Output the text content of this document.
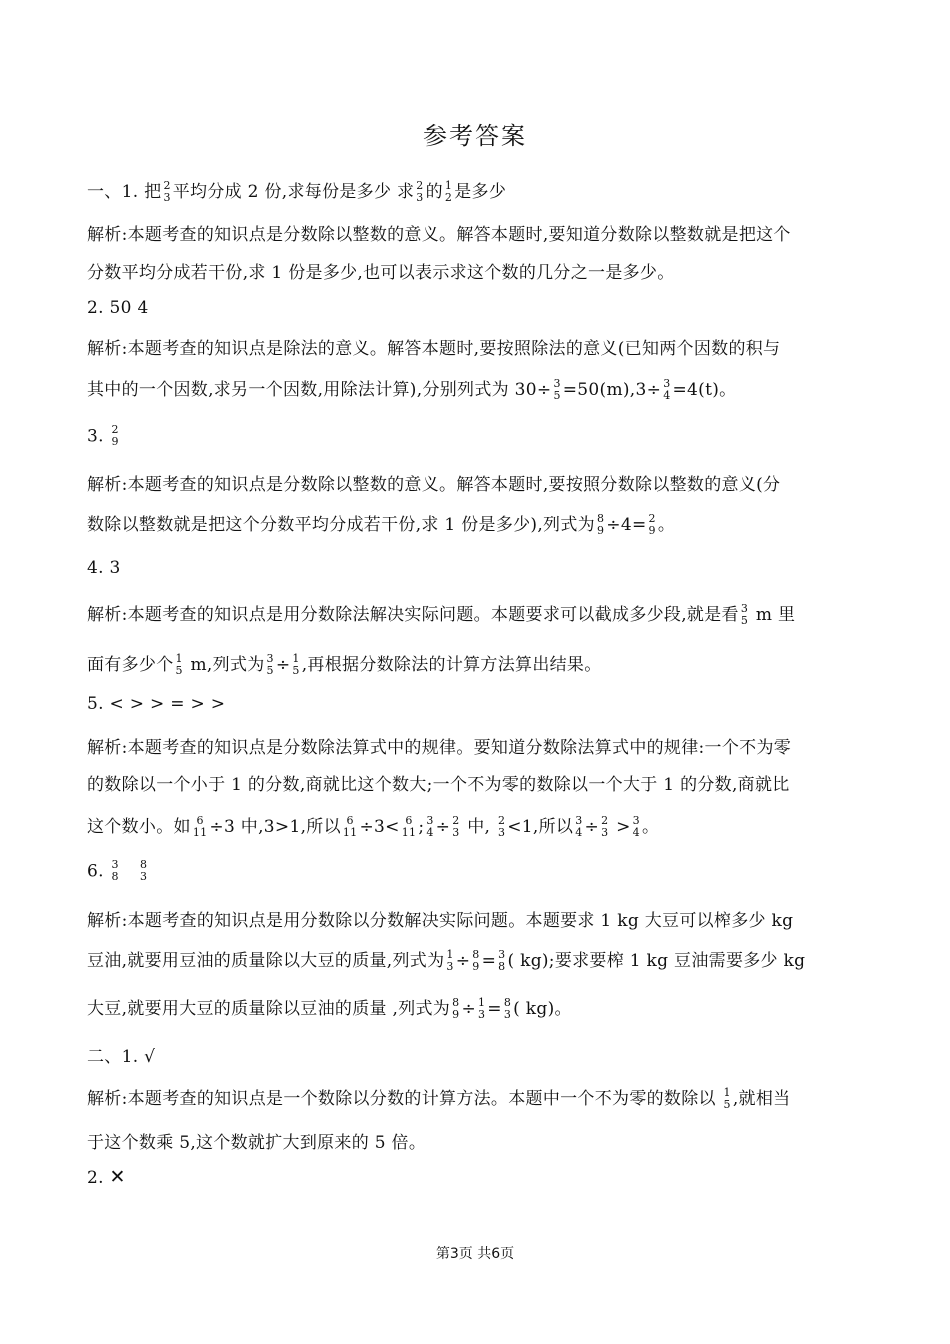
参考答案
一、1. 把 2
3 平均分成 2 份,求每份是多少 求 2
3 的 1
2 是多少
解析:本题考查的知识点是分数除以整数的意义。解答本题时,要知道分数除以整数就是把这个
分数平均分成若干份,求 1 份是多少,也可以表示求这个数的几分之一是多少。
2. 50 4
解析:本题考查的知识点是除法的意义。解答本题时,要按照除法的意义(已知两个因数的积与
其中的一个因数,求另一个因数,用除法计算),分别列式为 30÷ 3
5 =50(m),3÷ 3
4 =4(t)。
3. 2
9
解析:本题考查的知识点是分数除以整数的意义。解答本题时,要按照分数除以整数的意义(分
数除以整数就是把这个分数平均分成若干份,求 1 份是多少),列式为 8
9 ÷4= 2
9 。
4. 3
解析:本题考查的知识点是用分数除法解决实际问题。本题要求可以截成多少段,就是看 3
5 m 里
面有多少个 1
5 m,列式为 3
5 ÷ 1
5 ,再根据分数除法的计算方法算出结果。
5. < > > = > >
解析:本题考查的知识点是分数除法算式中的规律。要知道分数除法算式中的规律:一个不为零
的数除以一个小于 1 的分数,商就比这个数大;一个不为零的数除以一个大于 1 的分数,商就比
这个数小。如 6
11 ÷3 中,3>1,所以 6
11 ÷3< 6
11 ; 3
4 ÷ 2
3 中, 2
3 <1,所以 3
4 ÷ 2
3 > 3
4 。
6. 3
8

8
3
解析:本题考查的知识点是用分数除以分数解决实际问题。本题要求 1 kg 大豆可以榨多少 kg
豆油,就要用豆油的质量除以大豆的质量,列式为 1
3 ÷ 8
9 = 3
8 ( kg);要求要榨 1 kg 豆油需要多少 kg
大豆,就要用大豆的质量除以豆油的质量 ,列式为 8
9 ÷ 1
3 = 8
3 ( kg)。
二、1. √
解析:本题考查的知识点是一个数除以分数的计算方法。本题中一个不为零的数除以 1
5 ,就相当
于这个数乘 5,这个数就扩大到原来的 5 倍。
2. ✕
第3页 共6页
